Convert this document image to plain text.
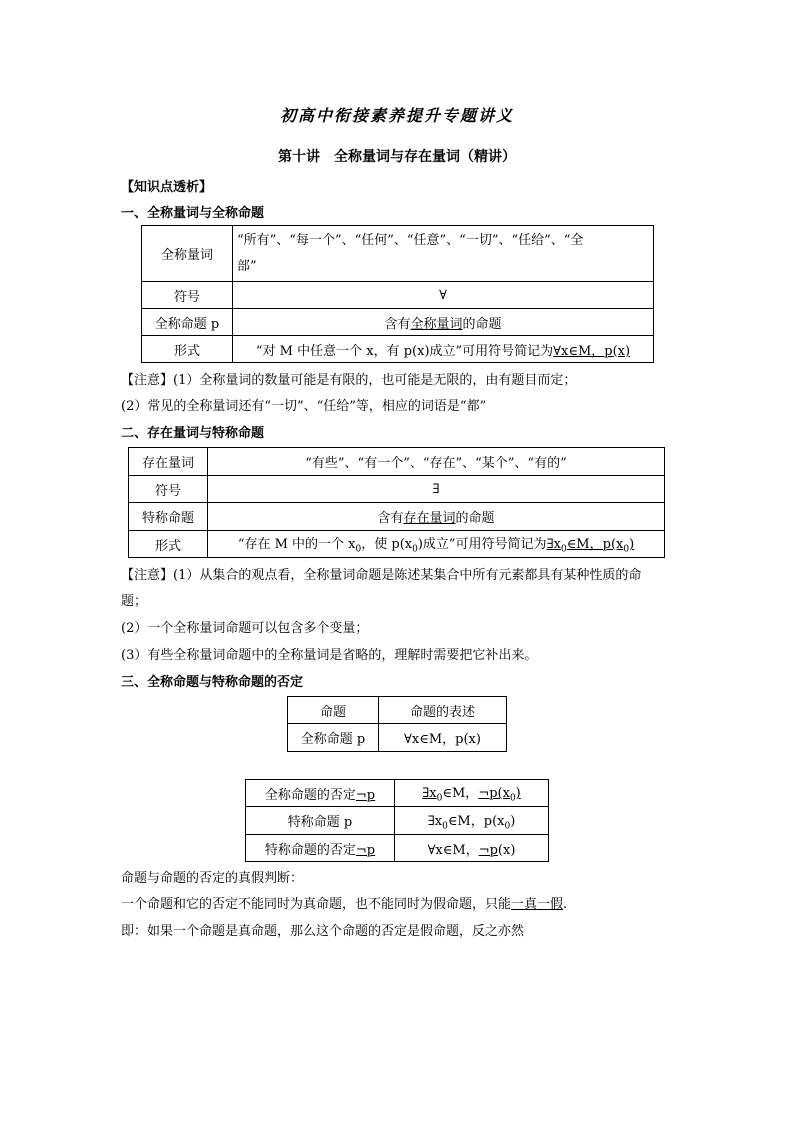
初高中衔接素养提升专题讲义
第十讲　全称量词与存在量词（精讲）
【知识点透析】
一、全称量词与全称命题
全称量词	“所有”、“每一个”、“任何”、“任意”、“一切”、“任给”、“全
部”
符号	∀
全称命题 p	含有全称量词的命题
形式	“对 M 中任意一个 x，有 p(x)成立”可用符号简记为∀x∈M，p(x)
【注意】(1）全称量词的数量可能是有限的，也可能是无限的，由有题目而定；
(2）常见的全称量词还有“一切”、“任给”等，相应的词语是“都”
二、存在量词与特称命题
存在量词	“有些”、“有一个”、“存在”、“某个”、“有的”
符号	∃
特称命题	含有存在量词的命题
形式	“存在 M 中的一个 $x_0$，使 $p(x_0)$成立”可用符号简记为$\exists x_0\in M$，$p(x_0)$
【注意】(1）从集合的观点看，全称量词命题是陈述某集合中所有元素都具有某种性质的命
题；
(2）一个全称量词命题可以包含多个变量；
(3）有些全称量词命题中的全称量词是省略的，理解时需要把它补出来。
三、全称命题与特称命题的否定
命题	命题的表述
全称命题 p	∀x∈M，p(x)
全称命题的否定¬p	$\exists x_0\in M$，$\neg p(x_0)$
特称命题 p	$\exists x_0\in M$，$p(x_0)$
特称命题的否定¬p	∀x∈M，¬p(x)
命题与命题的否定的真假判断：
一个命题和它的否定不能同时为真命题，也不能同时为假命题，只能一真一假.
即：如果一个命题是真命题，那么这个命题的否定是假命题，反之亦然
